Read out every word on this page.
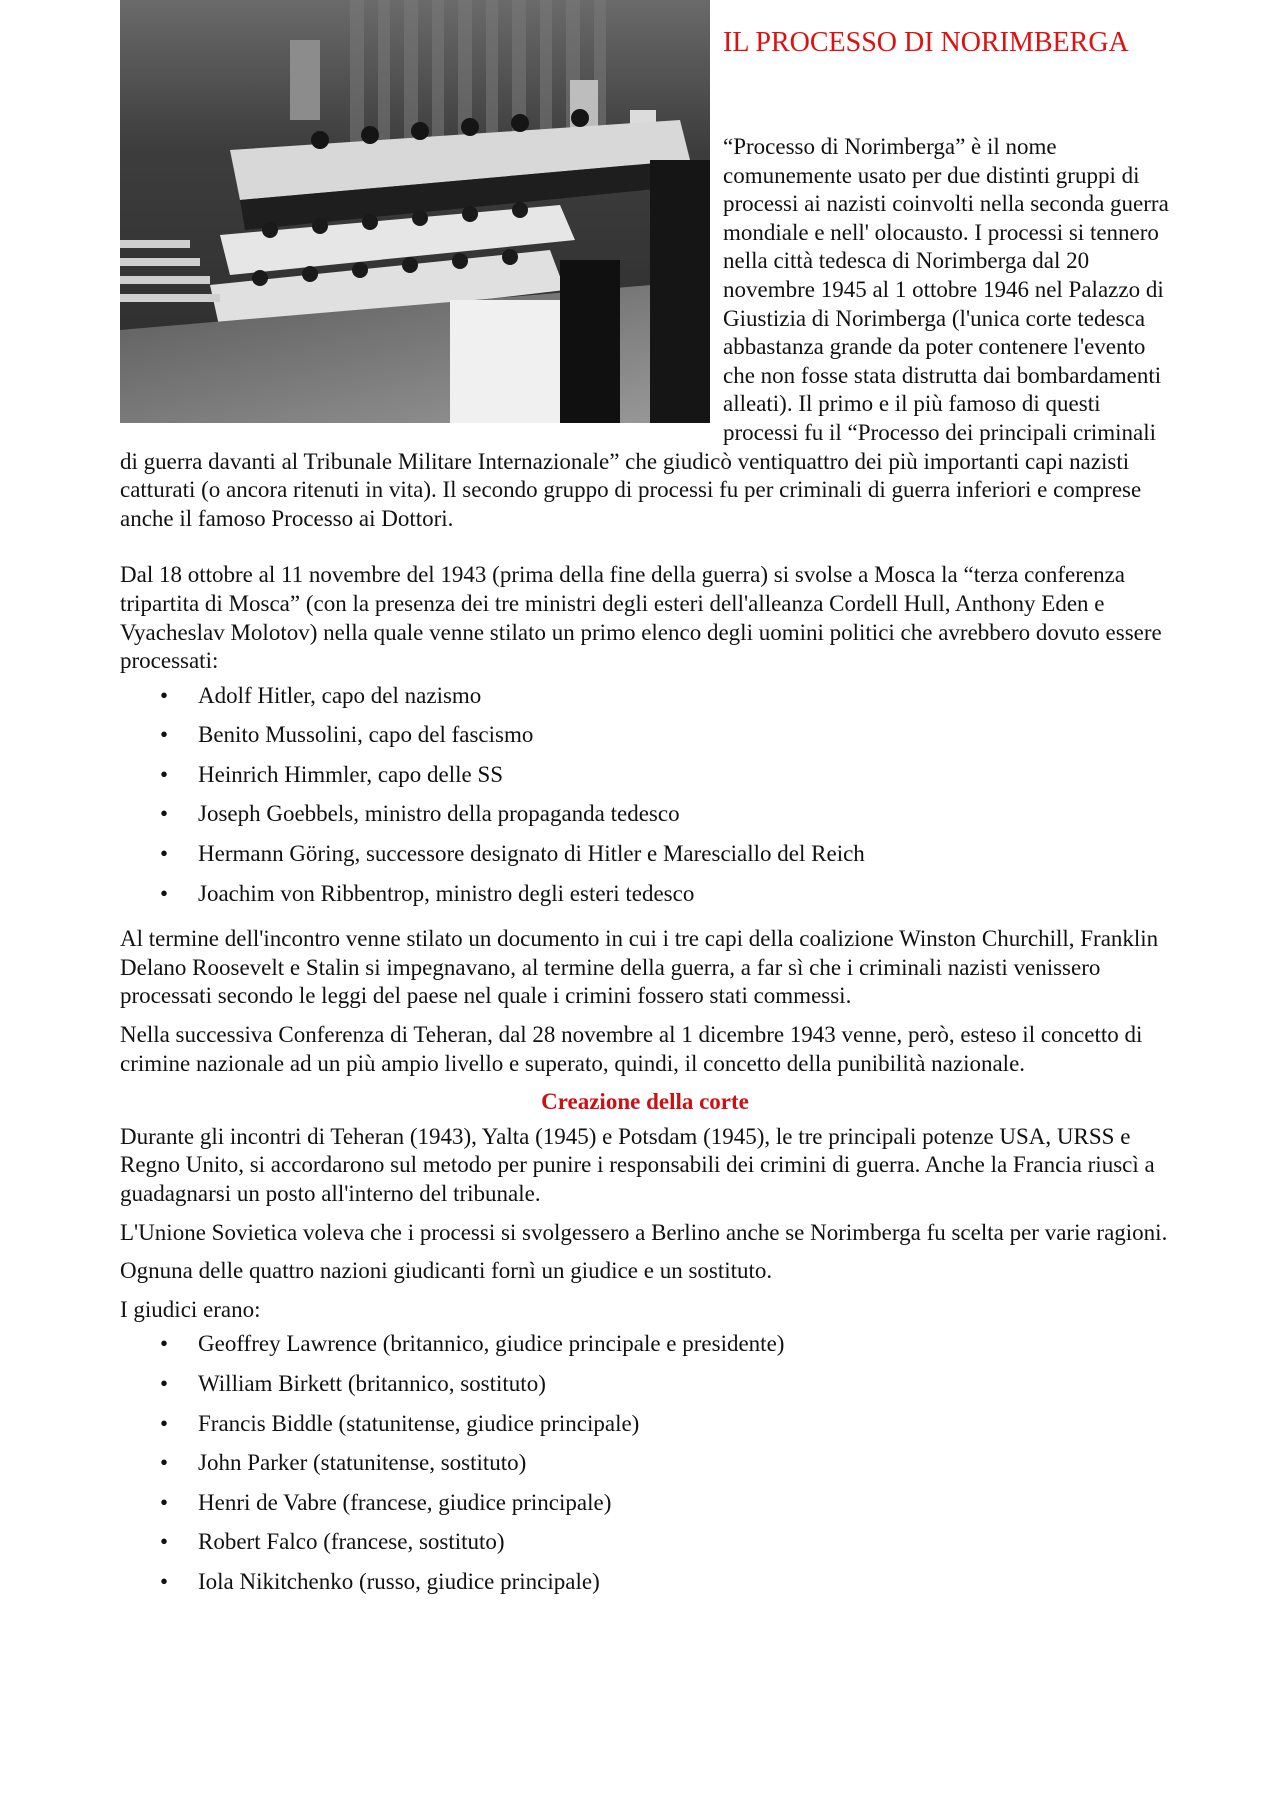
IL PROCESSO DI NORIMBERGA

“Processo di Norimberga” è il nome comunemente usato per due distinti gruppi di processi ai nazisti coinvolti nella seconda guerra mondiale e nell' olocausto. I processi si tennero nella città tedesca di Norimberga dal 20 novembre 1945 al 1 ottobre 1946 nel Palazzo di Giustizia di Norimberga (l'unica corte tedesca abbastanza grande da poter contenere l'evento che non fosse stata distrutta dai bombardamenti alleati). Il primo e il più famoso di questi processi fu il “Processo dei principali criminali di guerra davanti al Tribunale Militare Internazionale” che giudicò ventiquattro dei più importanti capi nazisti catturati (o ancora ritenuti in vita). Il secondo gruppo di processi fu per criminali di guerra inferiori e comprese anche il famoso Processo ai Dottori.

Dal 18 ottobre al 11 novembre del 1943 (prima della fine della guerra) si svolse a Mosca la “terza conferenza tripartita di Mosca” (con la presenza dei tre ministri degli esteri dell'alleanza Cordell Hull, Anthony Eden e Vyacheslav Molotov) nella quale venne stilato un primo elenco degli uomini politici che avrebbero dovuto essere processati:

• Adolf Hitler, capo del nazismo
• Benito Mussolini, capo del fascismo
• Heinrich Himmler, capo delle SS
• Joseph Goebbels, ministro della propaganda tedesco
• Hermann Göring, successore designato di Hitler e Maresciallo del Reich
• Joachim von Ribbentrop, ministro degli esteri tedesco

Al termine dell'incontro venne stilato un documento in cui i tre capi della coalizione Winston Churchill, Franklin Delano Roosevelt e Stalin si impegnavano, al termine della guerra, a far sì che i criminali nazisti venissero processati secondo le leggi del paese nel quale i crimini fossero stati commessi.

Nella successiva Conferenza di Teheran, dal 28 novembre al 1 dicembre 1943 venne, però, esteso il concetto di crimine nazionale ad un più ampio livello e superato, quindi, il concetto della punibilità nazionale.

Creazione della corte

Durante gli incontri di Teheran (1943), Yalta (1945) e Potsdam (1945), le tre principali potenze USA, URSS e Regno Unito, si accordarono sul metodo per punire i responsabili dei crimini di guerra. Anche la Francia riuscì a guadagnarsi un posto all'interno del tribunale.

L'Unione Sovietica voleva che i processi si svolgessero a Berlino anche se Norimberga fu scelta per varie ragioni.

Ognuna delle quattro nazioni giudicanti fornì un giudice e un sostituto.

I giudici erano:

• Geoffrey Lawrence (britannico, giudice principale e presidente)
• William Birkett (britannico, sostituto)
• Francis Biddle (statunitense, giudice principale)
• John Parker (statunitense, sostituto)
• Henri de Vabre (francese, giudice principale)
• Robert Falco (francese, sostituto)
• Iola Nikitchenko (russo, giudice principale)
